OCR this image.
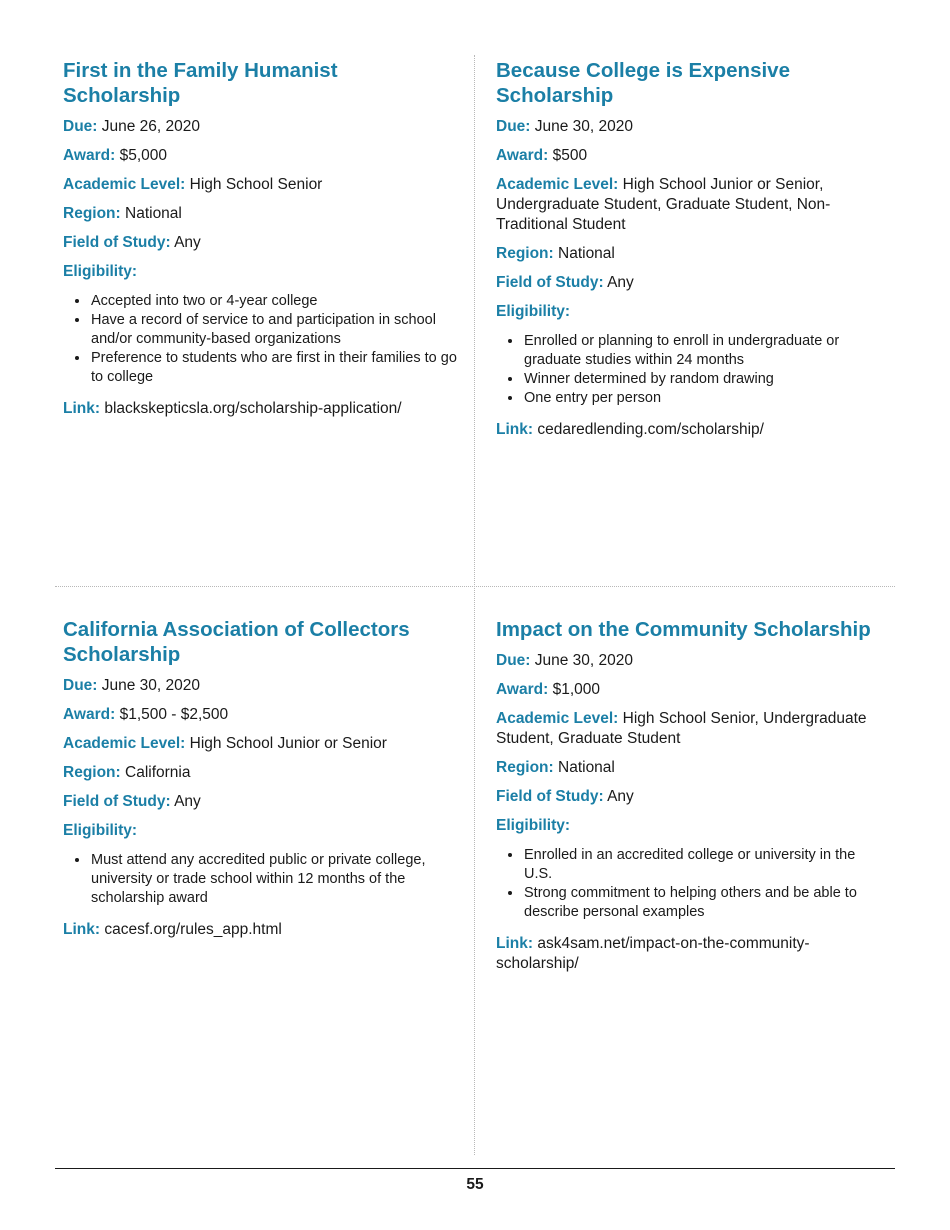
First in the Family Humanist Scholarship
Due: June 26, 2020
Award: $5,000
Academic Level: High School Senior
Region: National
Field of Study: Any
Eligibility:
• Accepted into two or 4-year college
• Have a record of service to and participation in school and/or community-based organizations
• Preference to students who are first in their families to go to college
Link: blackskepticsla.org/scholarship-application/
Because College is Expensive Scholarship
Due: June 30, 2020
Award: $500
Academic Level: High School Junior or Senior, Undergraduate Student, Graduate Student, Non-Traditional Student
Region: National
Field of Study: Any
Eligibility:
• Enrolled or planning to enroll in undergraduate or graduate studies within 24 months
• Winner determined by random drawing
• One entry per person
Link: cedaredlending.com/scholarship/
California Association of Collectors Scholarship
Due: June 30, 2020
Award: $1,500 - $2,500
Academic Level: High School Junior or Senior
Region: California
Field of Study: Any
Eligibility:
• Must attend any accredited public or private college, university or trade school within 12 months of the scholarship award
Link: cacesf.org/rules_app.html
Impact on the Community Scholarship
Due: June 30, 2020
Award: $1,000
Academic Level: High School Senior, Undergraduate Student, Graduate Student
Region: National
Field of Study: Any
Eligibility:
• Enrolled in an accredited college or university in the U.S.
• Strong commitment to helping others and be able to describe personal examples
Link: ask4sam.net/impact-on-the-community-scholarship/
55
